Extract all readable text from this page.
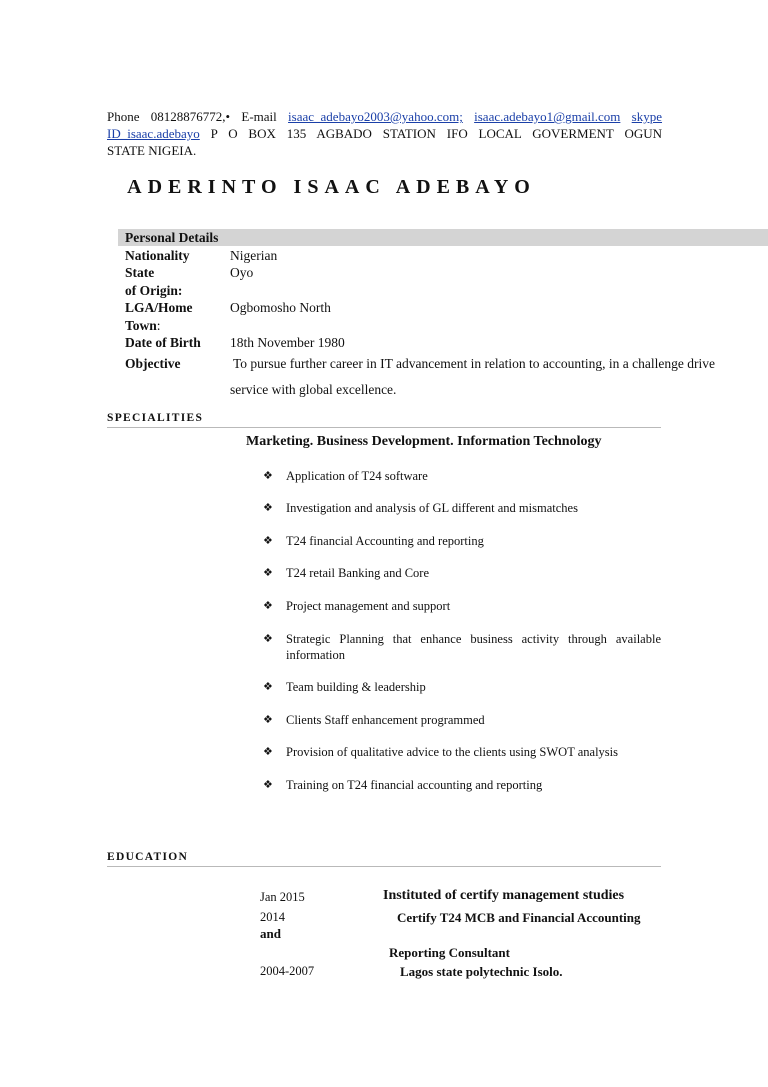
Phone 08128876772,• E-mail isaac_adebayo2003@yahoo.com; isaac.adebayo1@gmail.com skype
ID_isaac.adebayo P O BOX 135 AGBADO STATION IFO LOCAL GOVERMENT OGUN
STATE NIGEIA.
ADERINTO ISAAC ADEBAYO
Personal Details
Nationality	Nigerian
State	Oyo
of Origin:
LGA/Home	Ogbomosho North
Town:
Date of Birth 18th November 1980
Objective	To pursue further career in IT advancement in relation to accounting, in a challenge drive
service with global excellence.
SPECIALITIES
Marketing. Business Development. Information Technology
❖ Application of T24 software
❖ Investigation and analysis of GL different and mismatches
❖ T24 financial Accounting and reporting
❖ T24 retail Banking and Core
❖ Project management and support
❖ Strategic Planning that enhance business activity through available information
❖ Team building & leadership
❖ Clients Staff enhancement programmed
❖ Provision of qualitative advice to the clients using SWOT analysis
❖ Training on T24 financial accounting and reporting
EDUCATION
Jan 2015	Instituted of certify management studies
2014
and
Certify T24 MCB and Financial Accounting
Reporting Consultant
2004-2007	Lagos state polytechnic Isolo.
